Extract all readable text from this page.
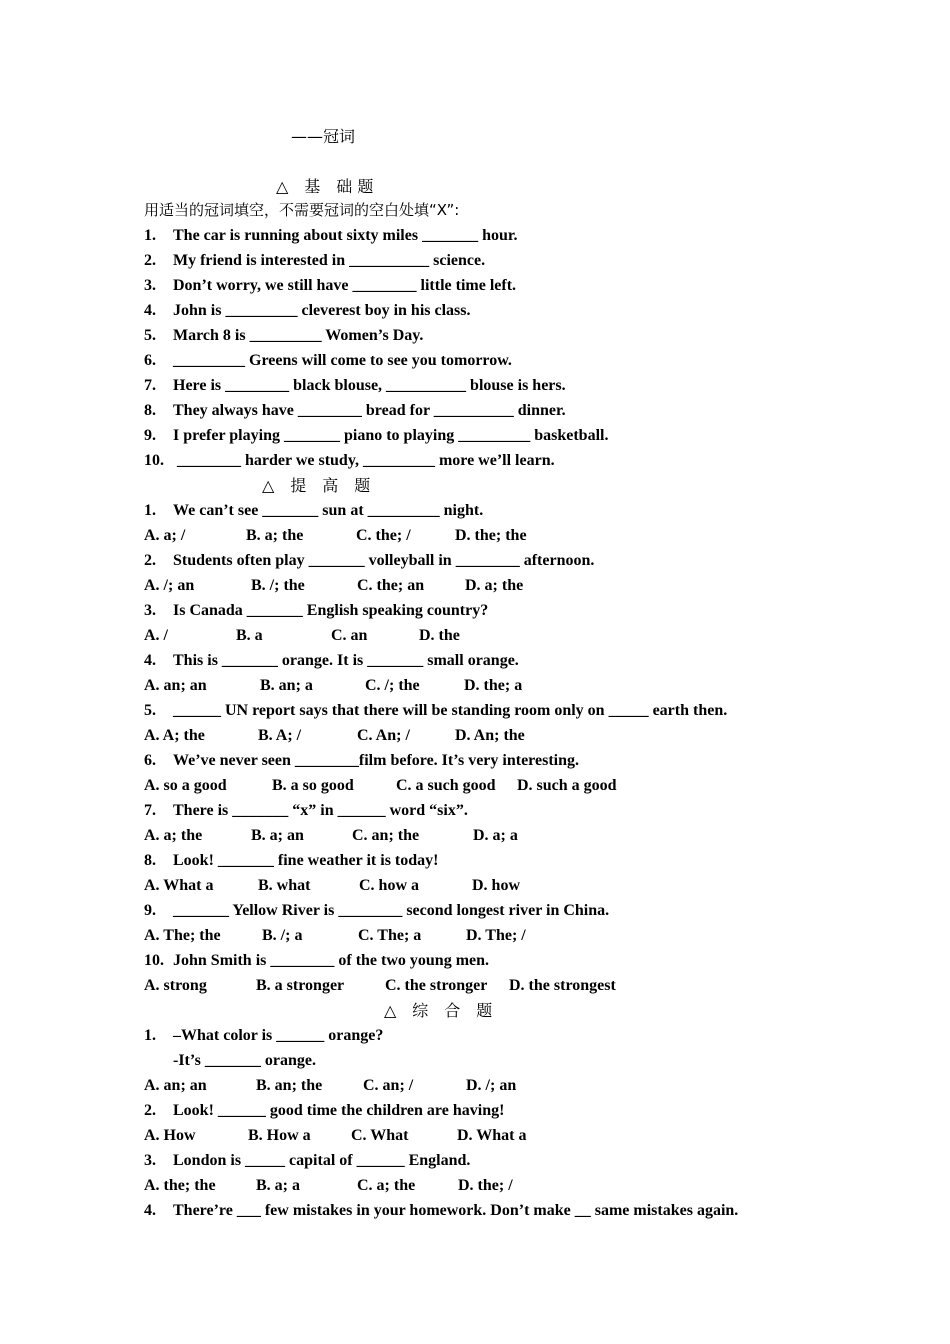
——冠词
△　基　础 题
用适当的冠词填空，不需要冠词的空白处填“X”:
1. The car is running about sixty miles _______ hour.
2. My friend is interested in __________ science.
3. Don’t worry, we still have ________ little time left.
4. John is _________ cleverest boy in his class.
5. March 8 is _________ Women’s Day.
6. _________ Greens will come to see you tomorrow.
7. Here is ________ black blouse, __________ blouse is hers.
8. They always have ________ bread for __________ dinner.
9. I prefer playing _______ piano to playing _________ basketball.
10. ________ harder we study, _________ more we’ll learn.
△　提　高　题
1. We can’t see _______ sun at _________ night.
A. a; /	B. a; the	C. the; /	D. the; the
2. Students often play _______ volleyball in ________ afternoon.
A. /; an	B. /; the	C. the; an	D. a; the
3. Is Canada _______ English speaking country?
A. /	B. a	C. an	D. the
4. This is _______ orange. It is _______ small orange.
A. an; an	B. an; a	C. /; the	D. the; a
5. ______ UN report says that there will be standing room only on _____ earth then.
A. A; the	B. A; /	C. An; /	D. An; the
6. We’ve never seen ________film before. It’s very interesting.
A. so a good	B. a so good	C. a such good D. such a good
7. There is _______ “x” in ______ word “six”.
A. a; the	B. a; an	C. an; the	D. a; a
8. Look! _______ fine weather it is today!
A. What a	B. what	C. how a	D. how
9. _______ Yellow River is ________ second longest river in China.
A. The; the	B. /; a	C. The; a	D. The; /
10. John Smith is ________ of the two young men.
A. strong	B. a stronger	C. the stronger D. the strongest
△　综　合　题
1. –What color is ______ orange?
-It’s _______ orange.
A. an; an	B. an; the	C. an; /	D. /; an
2. Look! ______ good time the children are having!
A. How	B. How a	C. What	D. What a
3. London is _____ capital of ______ England.
A. the; the	B. a; a	C. a; the	D. the; /
4. There’re ___ few mistakes in your homework. Don’t make __ same mistakes again.
